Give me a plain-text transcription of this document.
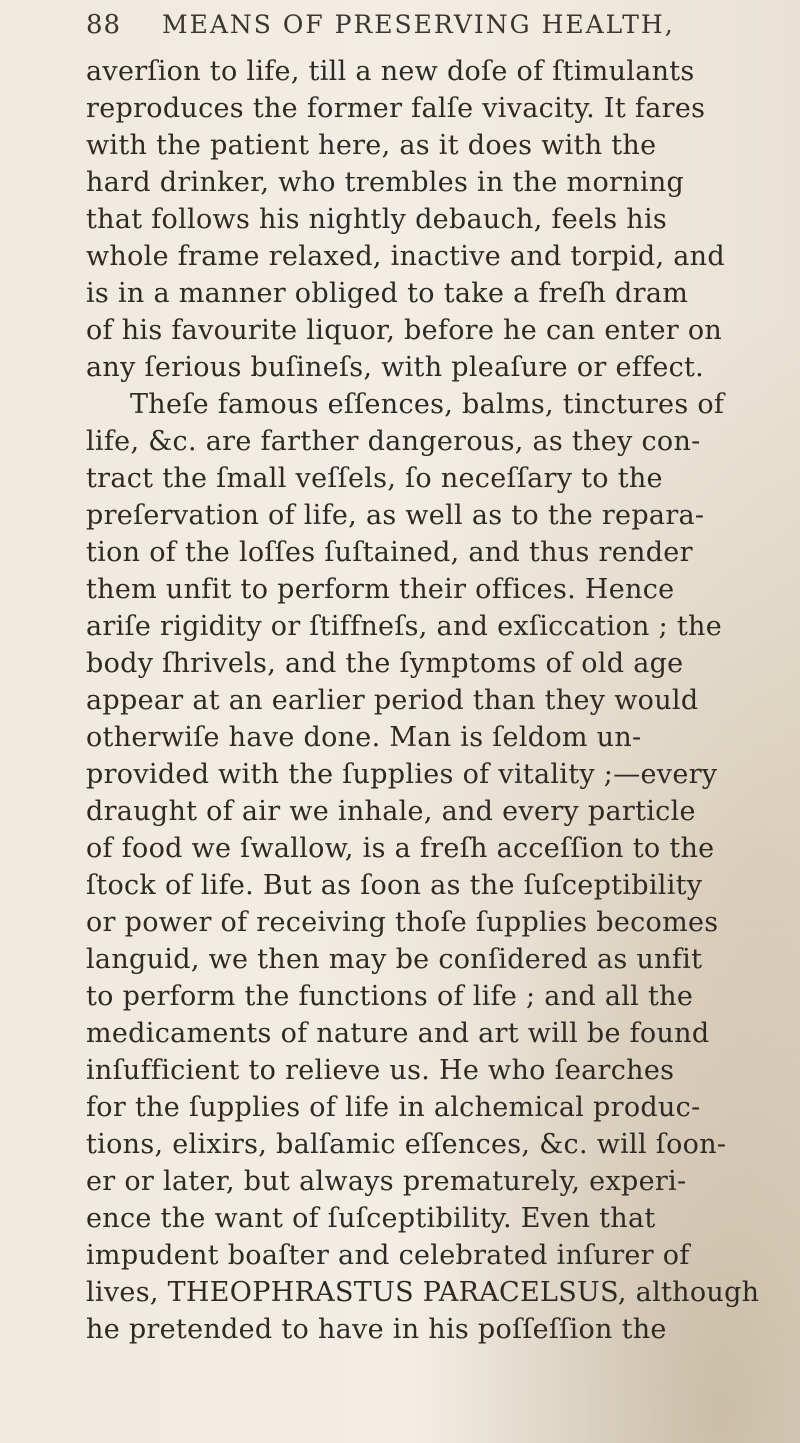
88 MEANS OF PRESERVING HEALTH,
averſion to life, till a new doſe of ſtimulants
reproduces the former falſe vivacity. It fares
with the patient here, as it does with the
hard drinker, who trembles in the morning
that follows his nightly debauch, feels his
whole frame relaxed, inactive and torpid, and
is in a manner obliged to take a freſh dram
of his favourite liquor, before he can enter on
any ſerious buſineſs, with pleaſure or effect.
Theſe famous eſſences, balms, tinctures of
life, &c. are farther dangerous, as they con-
tract the ſmall veſſels, ſo neceſſary to the
preſervation of life, as well as to the repara-
tion of the loſſes ſuſtained, and thus render
them unfit to perform their offices. Hence
ariſe rigidity or ſtiffneſs, and exſiccation ; the
body ſhrivels, and the ſymptoms of old age
appear at an earlier period than they would
otherwiſe have done. Man is ſeldom un-
provided with the ſupplies of vitality ;—every
draught of air we inhale, and every particle
of food we ſwallow, is a freſh acceſſion to the
ſtock of life. But as ſoon as the ſuſceptibility
or power of receiving thoſe ſupplies becomes
languid, we then may be conſidered as unfit
to perform the functions of life ; and all the
medicaments of nature and art will be found
inſufficient to relieve us. He who ſearches
for the ſupplies of life in alchemical produc-
tions, elixirs, balſamic eſſences, &c. will ſoon-
er or later, but always prematurely, experi-
ence the want of ſuſceptibility. Even that
impudent boaſter and celebrated inſurer of
lives, THEOPHRASTUS PARACELSUS, although
he pretended to have in his poſſeſſion the
